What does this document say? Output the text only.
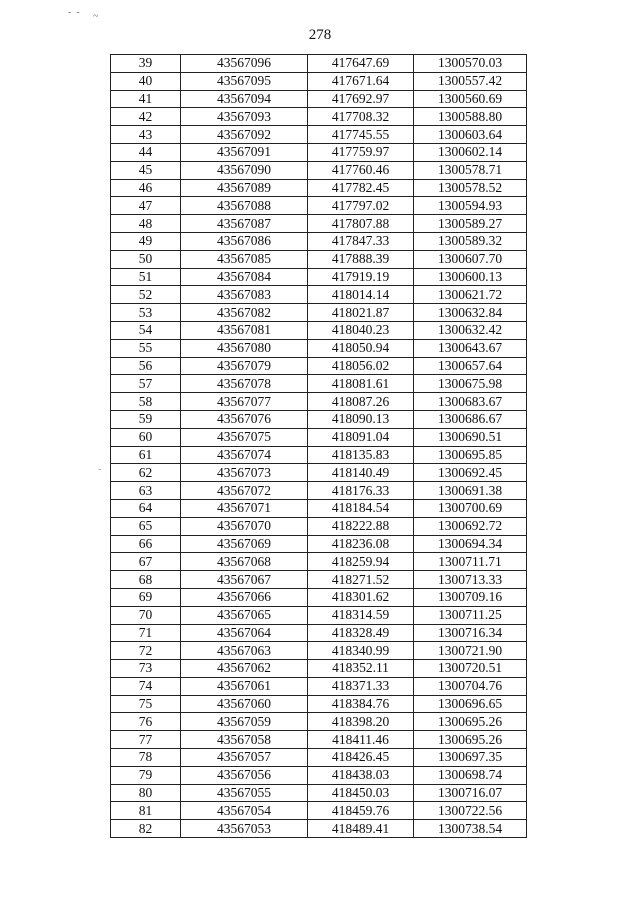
-  - ~
-
278
39	43567096	417647.69	1300570.03
40	43567095	417671.64	1300557.42
41	43567094	417692.97	1300560.69
42	43567093	417708.32	1300588.80
43	43567092	417745.55	1300603.64
44	43567091	417759.97	1300602.14
45	43567090	417760.46	1300578.71
46	43567089	417782.45	1300578.52
47	43567088	417797.02	1300594.93
48	43567087	417807.88	1300589.27
49	43567086	417847.33	1300589.32
50	43567085	417888.39	1300607.70
51	43567084	417919.19	1300600.13
52	43567083	418014.14	1300621.72
53	43567082	418021.87	1300632.84
54	43567081	418040.23	1300632.42
55	43567080	418050.94	1300643.67
56	43567079	418056.02	1300657.64
57	43567078	418081.61	1300675.98
58	43567077	418087.26	1300683.67
59	43567076	418090.13	1300686.67
60	43567075	418091.04	1300690.51
61	43567074	418135.83	1300695.85
62	43567073	418140.49	1300692.45
63	43567072	418176.33	1300691.38
64	43567071	418184.54	1300700.69
65	43567070	418222.88	1300692.72
66	43567069	418236.08	1300694.34
67	43567068	418259.94	1300711.71
68	43567067	418271.52	1300713.33
69	43567066	418301.62	1300709.16
70	43567065	418314.59	1300711.25
71	43567064	418328.49	1300716.34
72	43567063	418340.99	1300721.90
73	43567062	418352.11	1300720.51
74	43567061	418371.33	1300704.76
75	43567060	418384.76	1300696.65
76	43567059	418398.20	1300695.26
77	43567058	418411.46	1300695.26
78	43567057	418426.45	1300697.35
79	43567056	418438.03	1300698.74
80	43567055	418450.03	1300716.07
81	43567054	418459.76	1300722.56
82	43567053	418489.41	1300738.54
